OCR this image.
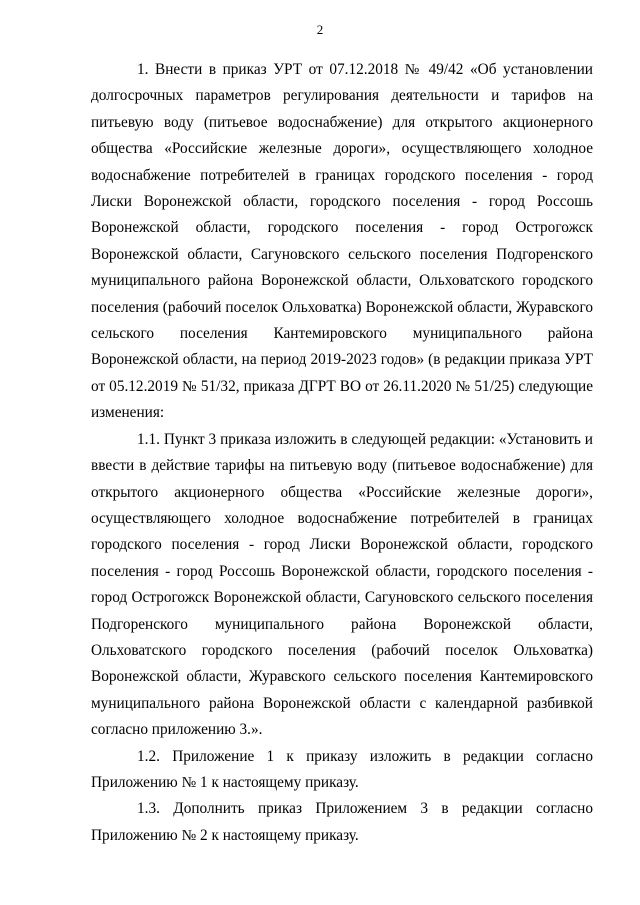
2

1. Внести в приказ УРТ от 07.12.2018 № 49/42 «Об установлении долгосрочных параметров регулирования деятельности и тарифов на питьевую воду (питьевое водоснабжение) для открытого акционерного общества «Российские железные дороги», осуществляющего холодное водоснабжение потребителей в границах городского поселения - город Лиски Воронежской области, городского поселения - город Россошь Воронежской области, городского поселения - город Острогожск Воронежской области, Сагуновского сельского поселения Подгоренского муниципального района Воронежской области, Ольховатского городского поселения (рабочий поселок Ольховатка) Воронежской области, Журавского сельского поселения Кантемировского муниципального района Воронежской области, на период 2019-2023 годов» (в редакции приказа УРТ от 05.12.2019 № 51/32, приказа ДГРТ ВО от 26.11.2020 № 51/25) следующие изменения:

1.1. Пункт 3 приказа изложить в следующей редакции: «Установить и ввести в действие тарифы на питьевую воду (питьевое водоснабжение) для открытого акционерного общества «Российские железные дороги», осуществляющего холодное водоснабжение потребителей в границах городского поселения - город Лиски Воронежской области, городского поселения - город Россошь Воронежской области, городского поселения - город Острогожск Воронежской области, Сагуновского сельского поселения Подгоренского муниципального района Воронежской области, Ольховатского городского поселения (рабочий поселок Ольховатка) Воронежской области, Журавского сельского поселения Кантемировского муниципального района Воронежской области с календарной разбивкой согласно приложению 3.».

1.2. Приложение 1 к приказу изложить в редакции согласно Приложению № 1 к настоящему приказу.

1.3. Дополнить приказ Приложением 3 в редакции согласно Приложению № 2 к настоящему приказу.
